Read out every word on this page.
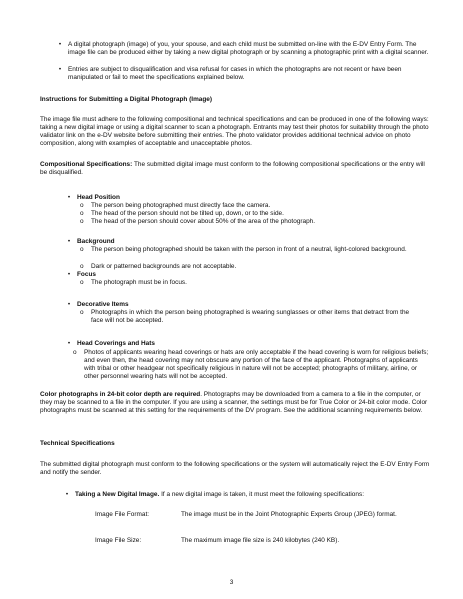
• A digital photograph (image) of you, your spouse, and each child must be submitted on-line with the E-DV Entry Form. The image file can be produced either by taking a new digital photograph or by scanning a photographic print with a digital scanner.
• Entries are subject to disqualification and visa refusal for cases in which the photographs are not recent or have been manipulated or fail to meet the specifications explained below.
Instructions for Submitting a Digital Photograph (Image)
The image file must adhere to the following compositional and technical specifications and can be produced in one of the following ways: taking a new digital image or using a digital scanner to scan a photograph. Entrants may test their photos for suitability through the photo validator link on the e-DV website before submitting their entries. The photo validator provides additional technical advice on photo composition, along with examples of acceptable and unacceptable photos.
Compositional Specifications: The submitted digital image must conform to the following compositional specifications or the entry will be disqualified.
• Head Position
o	The person being photographed must directly face the camera.
o	The head of the person should not be tilted up, down, or to the side.
o	The head of the person should cover about 50% of the area of the photograph.
• Background
o	The person being photographed should be taken with the person in front of a neutral, light-colored background.
o	Dark or patterned backgrounds are not acceptable.
• Focus
o	The photograph must be in focus.
• Decorative Items
o	Photographs in which the person being photographed is wearing sunglasses or other items that detract from the face will not be accepted.
• Head Coverings and Hats
o	Photos of applicants wearing head coverings or hats are only acceptable if the head covering is worn for religious beliefs; and even then, the head covering may not obscure any portion of the face of the applicant. Photographs of applicants with tribal or other headgear not specifically religious in nature will not be accepted; photographs of military, airline, or other personnel wearing hats will not be accepted.
Color photographs in 24-bit color depth are required. Photographs may be downloaded from a camera to a file in the computer, or they may be scanned to a file in the computer. If you are using a scanner, the settings must be for True Color or 24-bit color mode. Color photographs must be scanned at this setting for the requirements of the DV program. See the additional scanning requirements below.
Technical Specifications
The submitted digital photograph must conform to the following specifications or the system will automatically reject the E-DV Entry Form and notify the sender.
• Taking a New Digital Image. If a new digital image is taken, it must meet the following specifications:
Image File Format:	The image must be in the Joint Photographic Experts Group (JPEG) format.
Image File Size:	The maximum image file size is 240 kilobytes (240 KB).
3
